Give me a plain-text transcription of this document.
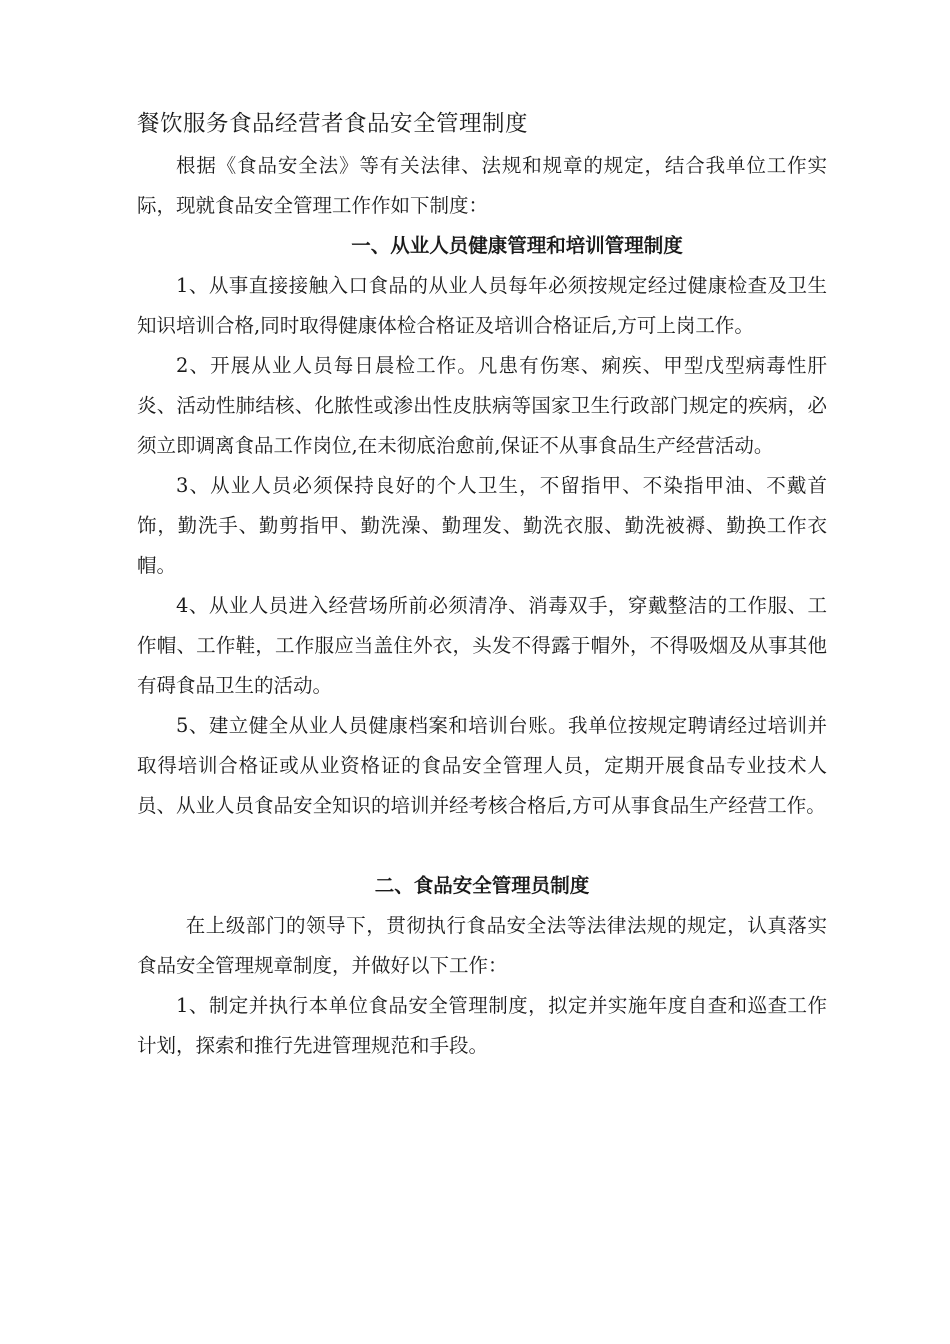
餐饮服务食品经营者食品安全管理制度

根据《食品安全法》等有关法律、法规和规章的规定，结合我单位工作实际，现就食品安全管理工作作如下制度：

一、从业人员健康管理和培训管理制度

1、从事直接接触入口食品的从业人员每年必须按规定经过健康检查及卫生知识培训合格,同时取得健康体检合格证及培训合格证后,方可上岗工作。

2、开展从业人员每日晨检工作。凡患有伤寒、痢疾、甲型戊型病毒性肝炎、活动性肺结核、化脓性或渗出性皮肤病等国家卫生行政部门规定的疾病，必须立即调离食品工作岗位,在未彻底治愈前,保证不从事食品生产经营活动。

3、从业人员必须保持良好的个人卫生，不留指甲、不染指甲油、不戴首饰，勤洗手、勤剪指甲、勤洗澡、勤理发、勤洗衣服、勤洗被褥、勤换工作衣帽。

4、从业人员进入经营场所前必须清净、消毒双手，穿戴整洁的工作服、工作帽、工作鞋，工作服应当盖住外衣，头发不得露于帽外，不得吸烟及从事其他有碍食品卫生的活动。

5、建立健全从业人员健康档案和培训台账。我单位按规定聘请经过培训并取得培训合格证或从业资格证的食品安全管理人员，定期开展食品专业技术人员、从业人员食品安全知识的培训并经考核合格后,方可从事食品生产经营工作。

二、食品安全管理员制度

在上级部门的领导下，贯彻执行食品安全法等法律法规的规定，认真落实食品安全管理规章制度，并做好以下工作：

1、制定并执行本单位食品安全管理制度，拟定并实施年度自查和巡查工作计划，探索和推行先进管理规范和手段。
